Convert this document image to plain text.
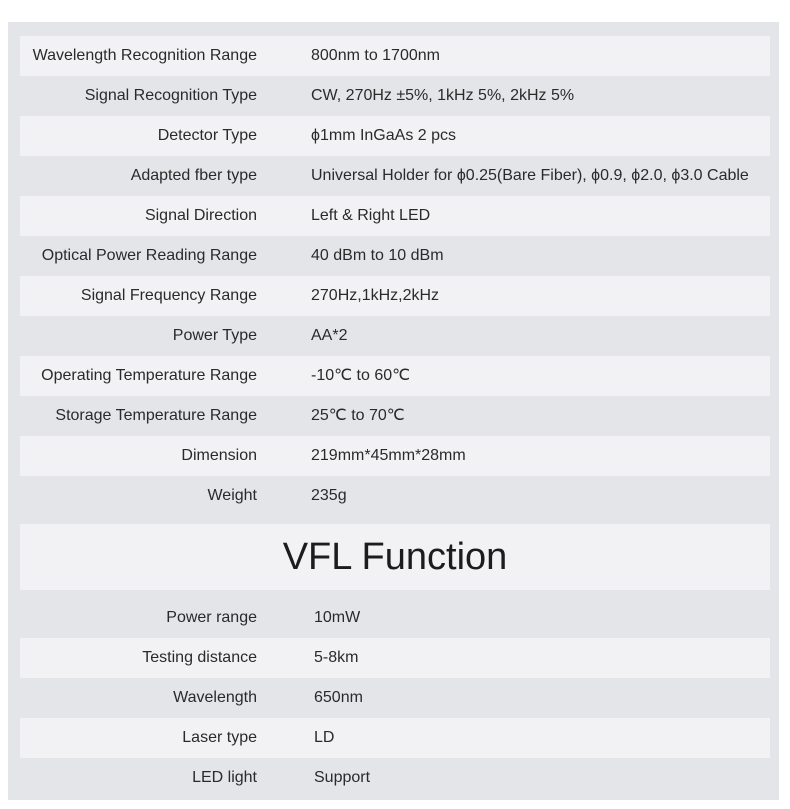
Wavelength Recognition Range	800nm to 1700nm
Signal Recognition Type	CW, 270Hz ±5%, 1kHz 5%, 2kHz 5%
Detector Type	ϕ1mm InGaAs 2 pcs
Adapted fber type	Universal Holder for ϕ0.25(Bare Fiber), ϕ0.9, ϕ2.0, ϕ3.0 Cable
Signal Direction	Left & Right LED
Optical Power Reading Range	40 dBm to 10 dBm
Signal Frequency Range	270Hz,1kHz,2kHz
Power Type	AA*2
Operating Temperature Range	-10℃ to 60℃
Storage Temperature Range	25℃ to 70℃
Dimension	219mm*45mm*28mm
Weight	235g
VFL Function
Power range	10mW
Testing distance	5-8km
Wavelength	650nm
Laser type	LD
LED light	Support
